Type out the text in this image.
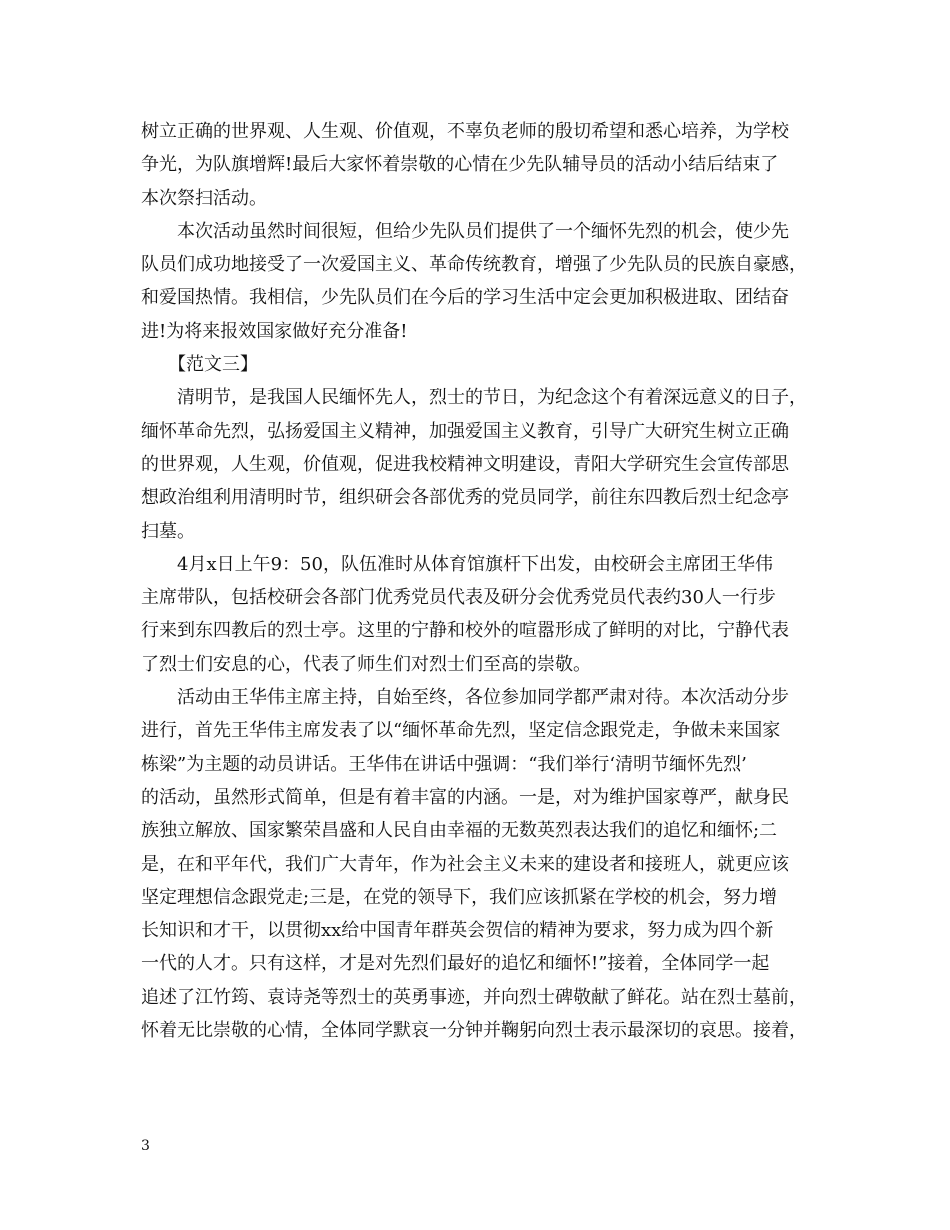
树立正确的世界观、人生观、价值观，不辜负老师的殷切希望和悉心培养，为学校
争光，为队旗增辉!最后大家怀着崇敬的心情在少先队辅导员的活动小结后结束了
本次祭扫活动。
　　本次活动虽然时间很短，但给少先队员们提供了一个缅怀先烈的机会，使少先
队员们成功地接受了一次爱国主义、革命传统教育，增强了少先队员的民族自豪感，
和爱国热情。我相信，少先队员们在今后的学习生活中定会更加积极进取、团结奋
进!为将来报效国家做好充分准备!
　　【范文三】
　　清明节，是我国人民缅怀先人，烈士的节日，为纪念这个有着深远意义的日子，
缅怀革命先烈，弘扬爱国主义精神，加强爱国主义教育，引导广大研究生树立正确
的世界观，人生观，价值观，促进我校精神文明建设，青阳大学研究生会宣传部思
想政治组利用清明时节，组织研会各部优秀的党员同学，前往东四教后烈士纪念亭
扫墓。
　　4月x日上午9：50，队伍准时从体育馆旗杆下出发，由校研会主席团王华伟
主席带队，包括校研会各部门优秀党员代表及研分会优秀党员代表约30人一行步
行来到东四教后的烈士亭。这里的宁静和校外的喧嚣形成了鲜明的对比，宁静代表
了烈士们安息的心，代表了师生们对烈士们至高的崇敬。
　　活动由王华伟主席主持，自始至终，各位参加同学都严肃对待。本次活动分步
进行，首先王华伟主席发表了以“缅怀革命先烈，坚定信念跟党走，争做未来国家
栋梁”为主题的动员讲话。王华伟在讲话中强调：“我们举行‘清明节缅怀先烈’
的活动，虽然形式简单，但是有着丰富的内涵。一是，对为维护国家尊严，献身民
族独立解放、国家繁荣昌盛和人民自由幸福的无数英烈表达我们的追忆和缅怀;二
是，在和平年代，我们广大青年，作为社会主义未来的建设者和接班人，就更应该
坚定理想信念跟党走;三是，在党的领导下，我们应该抓紧在学校的机会，努力增
长知识和才干，以贯彻xx给中国青年群英会贺信的精神为要求，努力成为四个新
一代的人才。只有这样，才是对先烈们最好的追忆和缅怀!”接着，全体同学一起
追述了江竹筠、袁诗尧等烈士的英勇事迹，并向烈士碑敬献了鲜花。站在烈士墓前，
怀着无比崇敬的心情，全体同学默哀一分钟并鞠躬向烈士表示最深切的哀思。接着，
3
